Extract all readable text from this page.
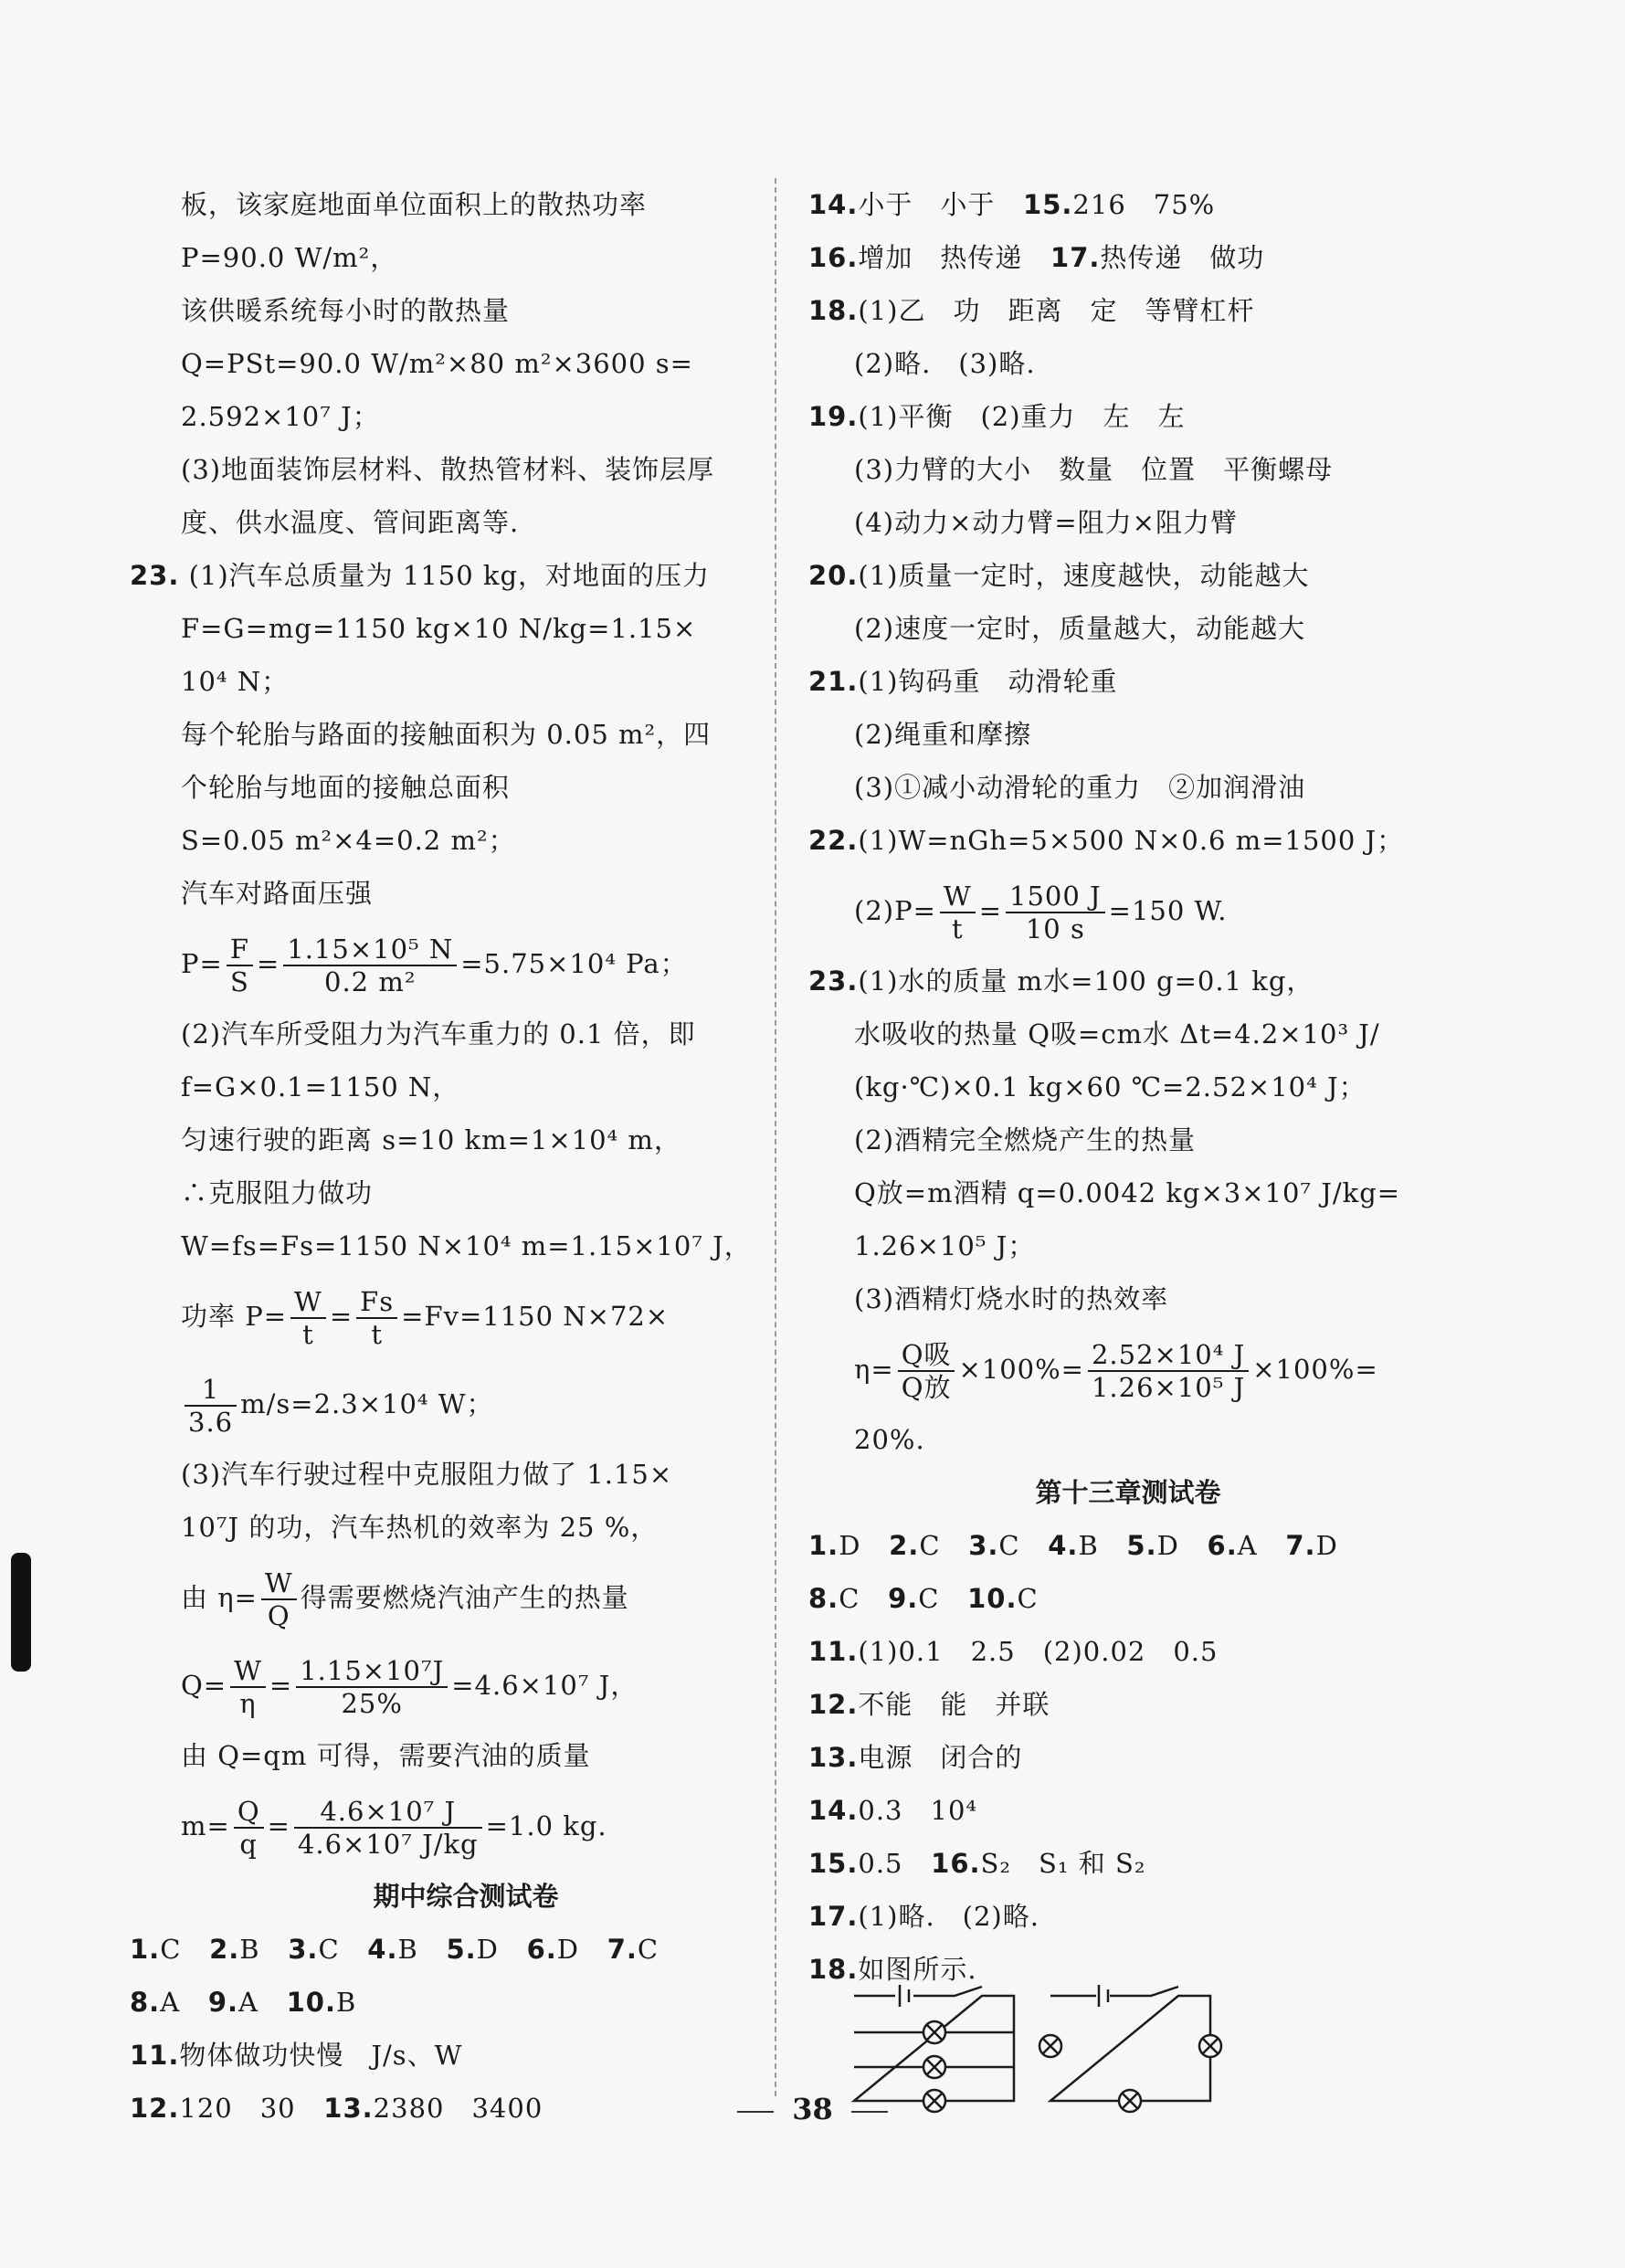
板，该家庭地面单位面积上的散热功率
P=90.0 W/m²，
该供暖系统每小时的散热量
Q=PSt=90.0 W/m²×80 m²×3600 s=
2.592×10⁷ J；
(3)地面装饰层材料、散热管材料、装饰层厚
度、供水温度、管间距离等.
23. (1)汽车总质量为 1150 kg，对地面的压力
F=G=mg=1150 kg×10 N/kg=1.15×
10⁴ N；
每个轮胎与路面的接触面积为 0.05 m²，四
个轮胎与地面的接触总面积
S=0.05 m²×4=0.2 m²；
汽车对路面压强
$P= \frac{F}{S} = \frac{\text{1.15×10⁵ N}}{\text{0.2 m²}} =5.75\times 10^4$ Pa；
(2)汽车所受阻力为汽车重力的 0.1 倍，即
f=G×0.1=1150 N，
匀速行驶的距离 s=10 km=1×10⁴ m，
∴克服阻力做功
W=fs=Fs=1150 N×10⁴ m=1.15×10⁷ J，
功率 $P= \frac{W}{t} = \frac{Fs}{t} =Fv=1150$ N×72×
$\frac{1}{3.6} m/s=2.3\times 10^4$ W；
(3)汽车行驶过程中克服阻力做了 1.15×
10⁷J 的功，汽车热机的效率为 25 %，
由 $\eta= \frac{W}{Q}$ 得需要燃烧汽油产生的热量
$Q= \frac{W}{\eta} = \frac{\text{1.15×10⁷J}}{25\%} =4.6\times 10^7$ J，
由 Q=qm 可得，需要汽油的质量
$m= \frac{Q}{q} = \frac{\text{4.6×10⁷ J}}{\text{4.6×10⁷ J/kg}} =1.0$ kg.
期中综合测试卷
1.C 2.B 3.C 4.B 5.D 6.D 7.C
8.A 9.A 10.B
11.物体做功快慢　J/s、W
12.120　30 13.2380　3400
14.小于　小于 15.216　75%
16.增加　热传递 17.热传递　做功
18.(1)乙　功　距离　定　等臂杠杆
(2)略.　(3)略.
19.(1)平衡　(2)重力　左　左
(3)力臂的大小　数量　位置　平衡螺母
(4)动力×动力臂=阻力×阻力臂
20.(1)质量一定时，速度越快，动能越大
(2)速度一定时，质量越大，动能越大
21.(1)钩码重　动滑轮重
(2)绳重和摩擦
(3)①减小动滑轮的重力　②加润滑油
22.(1)W=nGh=5×500 N×0.6 m=1500 J；
$(2)P= \frac{W}{t} = \frac{1500 J}{10 s} =150$ W.
23.(1)水的质量 m水=100 g=0.1 kg，
水吸收的热量 Q吸=cm水 Δt=4.2×10³ J/
(kg·℃)×0.1 kg×60 ℃=2.52×10⁴ J；
(2)酒精完全燃烧产生的热量
Q放=m酒精 q=0.0042 kg×3×10⁷ J/kg=
1.26×10⁵ J；
(3)酒精灯烧水时的热效率
$\eta= \frac{\text{Q吸}}{\text{Q放}} \times 100\%= \frac{\text{2.52×10⁴ J}}{\text{1.26×10⁵ J}} \times 100\%=$
20%.
第十三章测试卷
1.D 2.C 3.C 4.B 5.D 6.A 7.D
8.C 9.C 10.C
11.(1)0.1　2.5　(2)0.02　0.5
12.不能　能　并联
13.电源　闭合的
14.0.3　10⁴
15.0.5 16.S₂　S₁ 和 S₂
17.(1)略.　(2)略.
18.如图所示.
38
